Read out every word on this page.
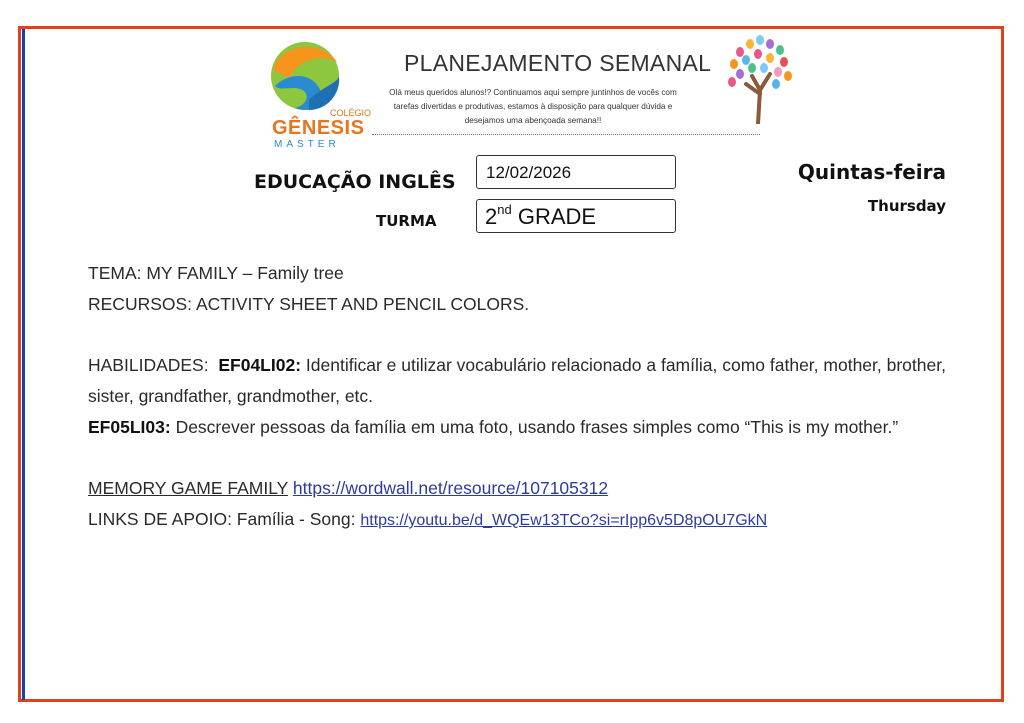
COLÉGIO
GÊNESIS
MASTER
PLANEJAMENTO SEMANAL
Olá meus queridos alunos!? Continuamos aqui sempre juntinhos de vocês com tarefas divertidas e produtivas, estamos à disposição para qualquer dúvida e desejamos uma abençoada semana!!
EDUCAÇÃO INGLÊS
TURMA
12/02/2026
2nd GRADE
Quintas-feira
Thursday

TEMA: MY FAMILY – Family tree

RECURSOS: ACTIVITY SHEET AND PENCIL COLORS.

HABILIDADES: EF04LI02: Identificar e utilizar vocabulário relacionado a família, como father, mother, brother, sister, grandfather, grandmother, etc.

EF05LI03: Descrever pessoas da família em uma foto, usando frases simples como “This is my mother.”

MEMORY GAME FAMILY https://wordwall.net/resource/107105312

LINKS DE APOIO: Família - Song: https://youtu.be/d_WQEw13TCo?si=rIpp6v5D8pOU7GkN
